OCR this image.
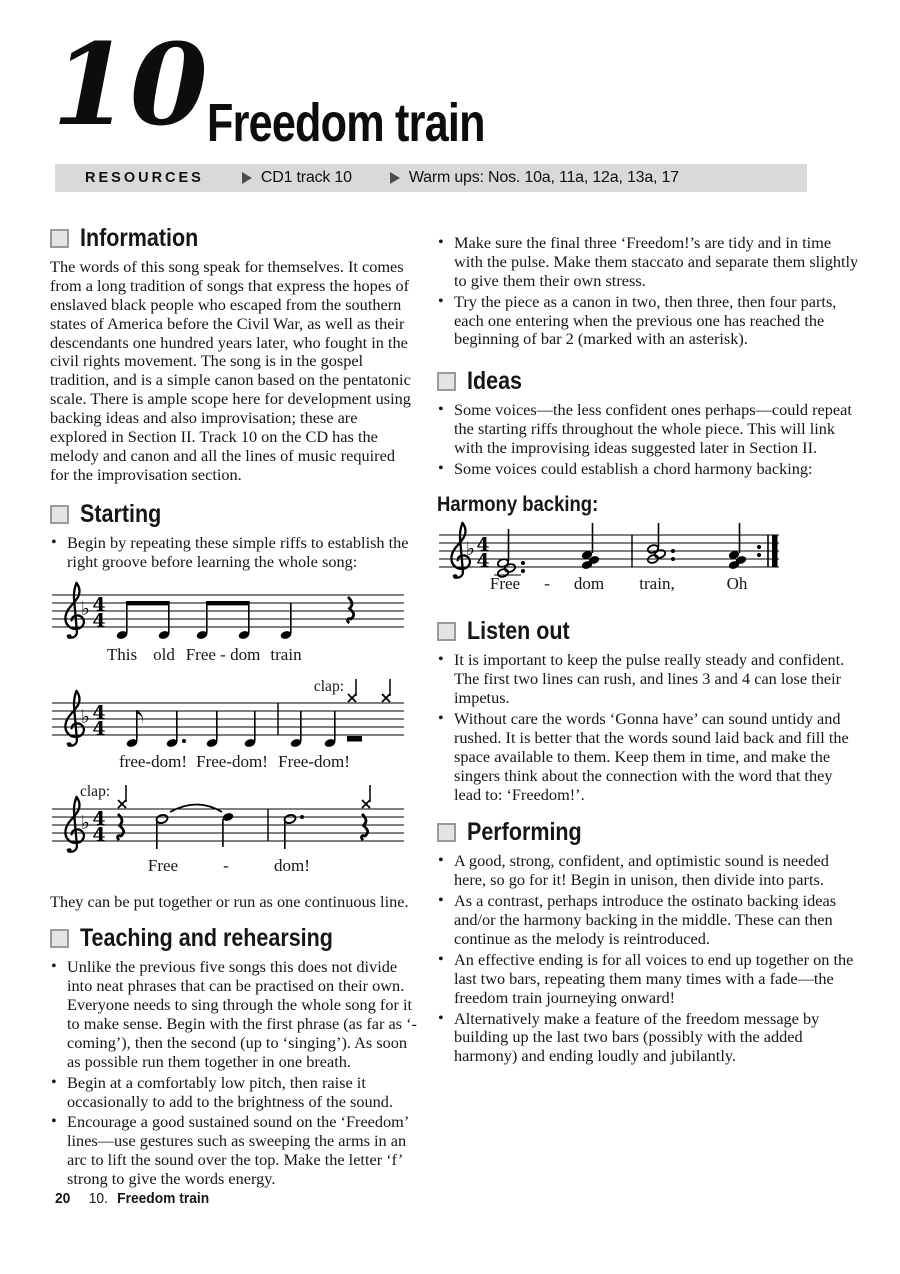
10 Freedom train
RESOURCES	CD1 track 10	Warm ups: Nos. 10a, 11a, 12a, 13a, 17
Information

The words of this song speak for themselves. It comes from a long tradition of songs that express the hopes of enslaved black people who escaped from the southern states of America before the Civil War, as well as their descendants one hundred years later, who fought in the civil rights movement. The song is in the gospel tradition, and is a simple canon based on the pentatonic scale. There is ample scope here for development using backing ideas and also improvisation; these are explored in Section II. Track 10 on the CD has the melody and canon and all the lines of music required for the improvisation section.

Starting
• Begin by repeating these simple riffs to establish the right groove before learning the whole song:
♭ 4
4
This old Free - dom train
♭ 4
4
clap:
free-dom! Free-dom! Free-dom!
♭ 4
4
clap:
Free	-	dom!

They can be put together or run as one continuous line.

Teaching and rehearsing
• Unlike the previous five songs this does not divide into neat phrases that can be practised on their own. Everyone needs to sing through the whole song for it to make sense. Begin with the first phrase (as far as ‘-coming’), then the second (up to ‘singing’). As soon as possible run them together in one breath.
• Begin at a comfortably low pitch, then raise it occasionally to add to the brightness of the sound.
• Encourage a good sustained sound on the ‘Freedom’ lines—use gestures such as sweeping the arms in an arc to lift the sound over the top. Make the letter ‘f’ strong to give the words energy.
• Make sure the final three ‘Freedom!’s are tidy and in time with the pulse. Make them staccato and separate them slightly to give them their own stress.
• Try the piece as a canon in two, then three, then four parts, each one entering when the previous one has reached the beginning of bar 2 (marked with an asterisk).
Ideas
• Some voices—the less confident ones perhaps—could repeat the starting riffs throughout the whole piece. This will link with the improvising ideas suggested later in Section II.
• Some voices could establish a chord harmony backing:
Harmony backing:
♭ 4
4
Free - dom train,	Oh
Listen out
• It is important to keep the pulse really steady and confident. The first two lines can rush, and lines 3 and 4 can lose their impetus.
• Without care the words ‘Gonna have’ can sound untidy and rushed. It is better that the words sound laid back and fill the space available to them. Keep them in time, and make the singers think about the connection with the word that they lead to: ‘Freedom!’.
Performing
• A good, strong, confident, and optimistic sound is needed here, so go for it! Begin in unison, then divide into parts.
• As a contrast, perhaps introduce the ostinato backing ideas and/or the harmony backing in the middle. These can then continue as the melody is reintroduced.
• An effective ending is for all voices to end up together on the last two bars, repeating them many times with a fade—the freedom train journeying onward!
• Alternatively make a feature of the freedom message by building up the last two bars (possibly with the added harmony) and ending loudly and jubilantly.
20 10. Freedom train
